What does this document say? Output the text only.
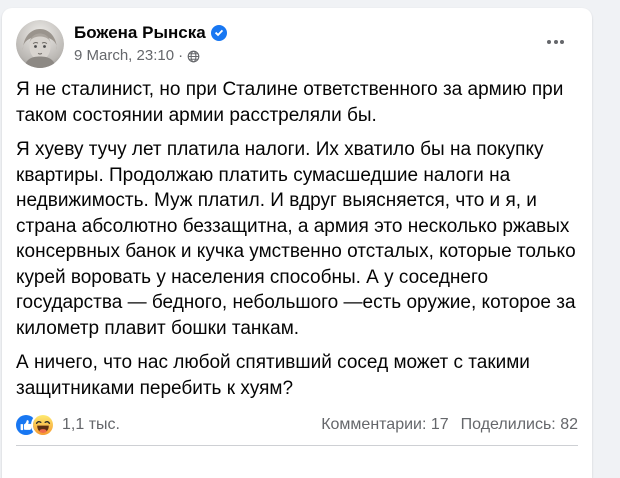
Божена Рынска
9 March, 23:10 ·

Я не сталинист, но при Сталине ответственного за армию при таком состоянии армии расстреляли бы.

Я хуеву тучу лет платила налоги. Их хватило бы на покупку квартиры. Продолжаю платить сумасшедшие налоги на недвижимость. Муж платил. И вдруг выясняется, что и я, и страна абсолютно беззащитна, а армия это несколько ржавых консервных банок и кучка умственно отсталых, которые только курей воровать у населения способны. А у соседнего государства — бедного, небольшого —есть оружие, которое за километр плавит бошки танкам.

А ничего, что нас любой спятивший сосед может с такими защитниками перебить к хуям?

1,1 тыс.	Комментарии: 17 Поделились: 82
